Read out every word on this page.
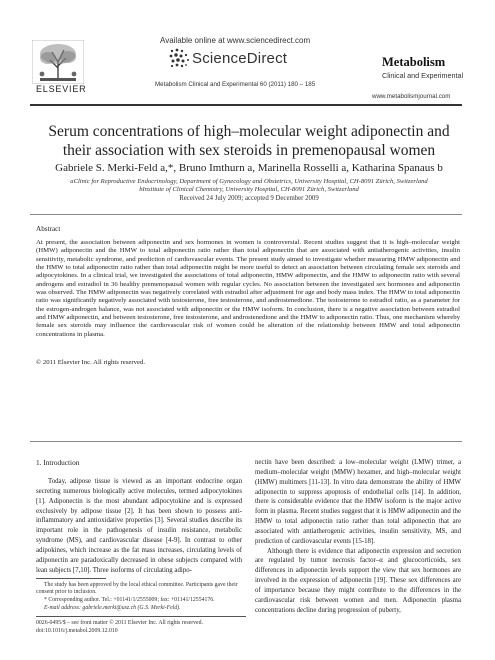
ELSEVIER
Available online at www.sciencedirect.com
ScienceDirect
Metabolism Clinical and Experimental 60 (2011) 180 – 185
Metabolism
Clinical and Experimental
www.metabolismjournal.com
Serum concentrations of high–molecular weight adiponectin and their association with sex steroids in premenopausal women
Gabriele S. Merki-Feld a,*, Bruno Imthurn a, Marinella Rosselli a, Katharina Spanaus b
aClinic for Reproductive Endocrinology, Department of Gynecology and Obstetrics, University Hospital, CH-8091 Zürich, Switzerland
bInstitute of Clinical Chemistry, University Hospital, CH-8091 Zürich, Switzerland
Received 24 July 2009; accepted 9 December 2009
Abstract
At present, the association between adiponectin and sex hormones in women is controversial. Recent studies suggest that it is high–molecular weight (HMW) adiponectin and the HMW to total adiponectin ratio rather than total adiponectin that are associated with antiatherogenic activities, insulin sensitivity, metabolic syndrome, and prediction of cardiovascular events. The present study aimed to investigate whether measuring HMW adiponectin and the HMW to total adiponectin ratio rather than total adiponectin might be more useful to detect an association between circulating female sex steroids and adipocytokines. In a clinical trial, we investigated the associations of total adiponectin, HMW adiponectin, and the HMW to adiponectin ratio with several androgens and estradiol in 36 healthy premenopausal women with regular cycles. No association between the investigated sex hormones and adiponectin was observed. The HMW adiponectin was negatively correlated with estradiol after adjustment for age and body mass index. The HMW to total adiponectin ratio was significantly negatively associated with testosterone, free testosterone, and androstenedione. The testosterone to estradiol ratio, as a parameter for the estrogen-androgen balance, was not associated with adiponectin or the HMW isoform. In conclusion, there is a negative association between estradiol and HMW adiponectin, and between testosterone, free testosterone, and androstenedione and the HMW to adiponectin ratio. Thus, one mechanism whereby female sex steroids may influence the cardiovascular risk of women could be alteration of the relationship between HMW and total adiponectin concentrations in plasma.
© 2011 Elsevier Inc. All rights reserved.
1. Introduction
Today, adipose tissue is viewed as an important endocrine organ secreting numerous biologically active molecules, termed adipocytokines [1]. Adiponectin is the most abundant adipocytokine and is expressed exclusively by adipose tissue [2]. It has been shown to possess anti-inflammatory and antioxidative properties [3]. Several studies describe its important role in the pathogenesis of insulin resistance, metabolic syndrome (MS), and cardiovascular disease [4-9]. In contrast to other adipokines, which increase as the fat mass increases, circulating levels of adiponectin are paradoxically decreased in obese subjects compared with lean subjects [7,10]. Three isoforms of circulating adipo-

nectin have been described: a low–molecular weight (LMW) trimer, a medium–molecular weight (MMW) hexamer, and high–molecular weight (HMW) multimers [11-13]. In vitro data demonstrate the ability of HMW adiponectin to suppress apoptosis of endothelial cells [14]. In addition, there is considerable evidence that the HMW isoform is the major active form in plasma. Recent studies suggest that it is HMW adiponectin and the HMW to total adiponectin ratio rather than total adiponectin that are associated with antiatherogenic activities, insulin sensitivity, MS, and prediction of cardiovascular events [15-18].

Although there is evidence that adiponectin expression and secretion are regulated by tumor necrosis factor–α and glucocorticoids, sex differences in adiponectin levels support the view that sex hormones are involved in the expression of adiponectin [19]. These sex differences are of importance because they might contribute to the differences in the cardiovascular risk between women and men. Adiponectin plasma concentrations decline during progression of puberty,

The study has been approved by the local ethical committee. Participants gave their consent prior to inclusion.
* Corresponding author. Tel.: +01141/1/2555009; fax: +01141/12554176.
E-mail address: gabriele.merki@usz.ch (G.S. Merki-Feld).
0026-0495/$ – see front matter © 2011 Elsevier Inc. All rights reserved.
doi:10.1016/j.metabol.2009.12.010
